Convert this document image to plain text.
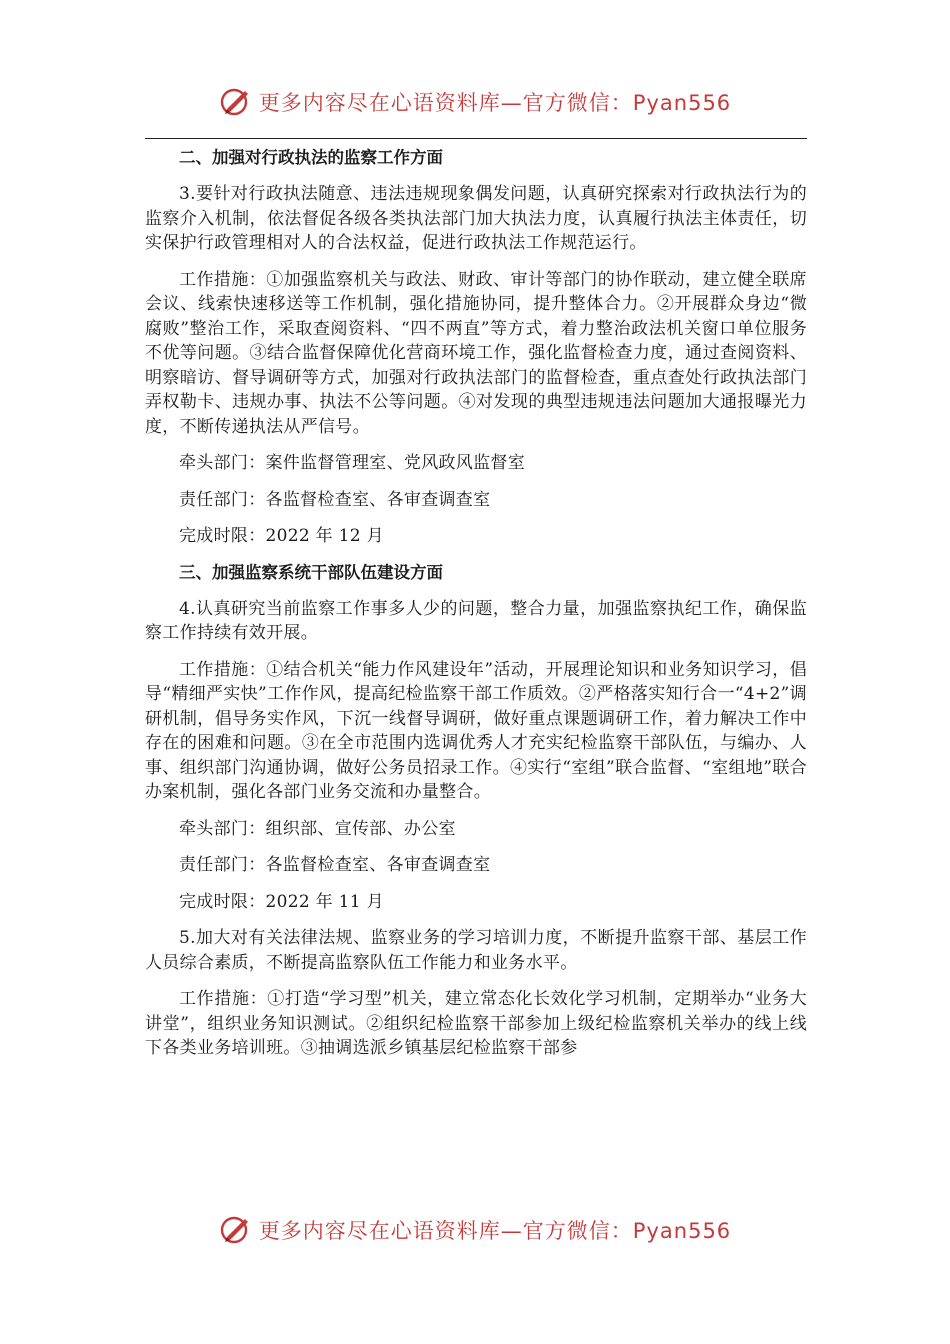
更多内容尽在心语资料库—官方微信：Pyan556

二、加强对行政执法的监察工作方面

3.要针对行政执法随意、违法违规现象偶发问题，认真研究探索对行政执法行为的监察介入机制，依法督促各级各类执法部门加大执法力度，认真履行执法主体责任，切实保护行政管理相对人的合法权益，促进行政执法工作规范运行。

工作措施：①加强监察机关与政法、财政、审计等部门的协作联动，建立健全联席会议、线索快速移送等工作机制，强化措施协同，提升整体合力。②开展群众身边“微腐败”整治工作，采取查阅资料、“四不两直”等方式，着力整治政法机关窗口单位服务不优等问题。③结合监督保障优化营商环境工作，强化监督检查力度，通过查阅资料、明察暗访、督导调研等方式，加强对行政执法部门的监督检查，重点查处行政执法部门弄权勒卡、违规办事、执法不公等问题。④对发现的典型违规违法问题加大通报曝光力度，不断传递执法从严信号。

牵头部门：案件监督管理室、党风政风监督室

责任部门：各监督检查室、各审查调查室

完成时限：2022 年 12 月

三、加强监察系统干部队伍建设方面

4.认真研究当前监察工作事多人少的问题，整合力量，加强监察执纪工作，确保监察工作持续有效开展。

工作措施：①结合机关“能力作风建设年”活动，开展理论知识和业务知识学习，倡导“精细严实快”工作作风，提高纪检监察干部工作质效。②严格落实知行合一“4+2”调研机制，倡导务实作风，下沉一线督导调研，做好重点课题调研工作，着力解决工作中存在的困难和问题。③在全市范围内选调优秀人才充实纪检监察干部队伍，与编办、人事、组织部门沟通协调，做好公务员招录工作。④实行“室组”联合监督、“室组地”联合办案机制，强化各部门业务交流和办量整合。

牵头部门：组织部、宣传部、办公室

责任部门：各监督检查室、各审查调查室

完成时限：2022 年 11 月

5.加大对有关法律法规、监察业务的学习培训力度，不断提升监察干部、基层工作人员综合素质，不断提高监察队伍工作能力和业务水平。

工作措施：①打造“学习型”机关，建立常态化长效化学习机制，定期举办“业务大讲堂”，组织业务知识测试。②组织纪检监察干部参加上级纪检监察机关举办的线上线下各类业务培训班。③抽调选派乡镇基层纪检监察干部参

更多内容尽在心语资料库—官方微信：Pyan556
